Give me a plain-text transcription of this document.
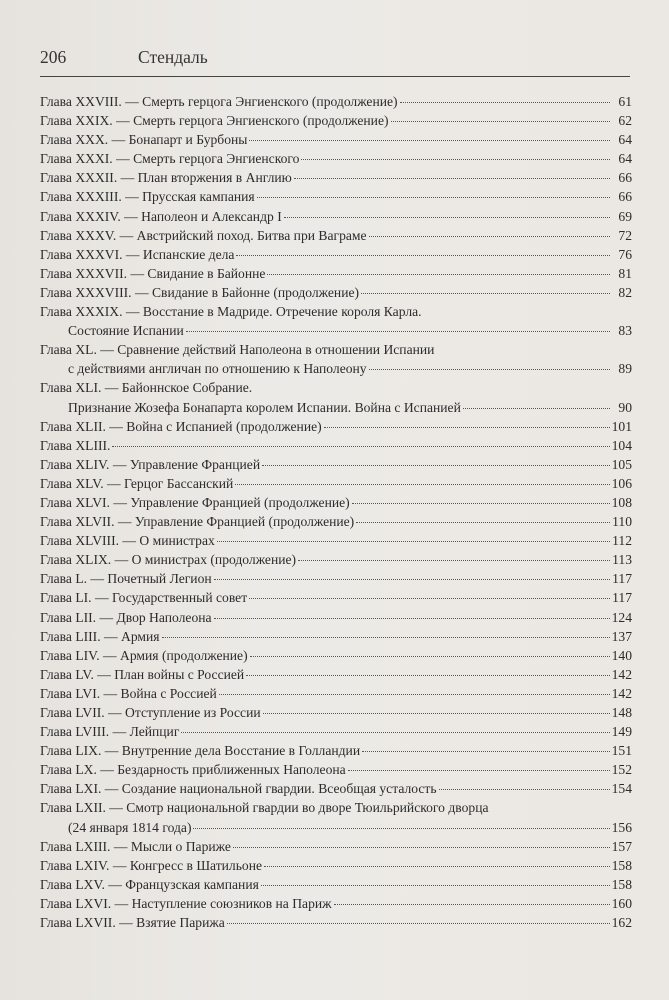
206	Стендаль
Глава XXVIII. — Смерть герцога Энгиенского (продолжение)	61
Глава XXIX. — Смерть герцога Энгиенского (продолжение)	62
Глава XXX. — Бонапарт и Бурбоны	64
Глава XXXI. — Смерть герцога Энгиенского	64
Глава XXXII. — План вторжения в Англию	66
Глава XXXIII. — Прусская кампания	66
Глава XXXIV. — Наполеон и Александр I	69
Глава XXXV. — Австрийский поход. Битва при Ваграме	72
Глава XXXVI. — Испанские дела	76
Глава XXXVII. — Свидание в Байонне	81
Глава XXXVIII. — Свидание в Байонне (продолжение)	82
Глава XXXIX. — Восстание в Мадриде. Отречение короля Карла.
Состояние Испании	83
Глава XL. — Сравнение действий Наполеона в отношении Испании
с действиями англичан по отношению к Наполеону	89
Глава XLI. — Байоннское Собрание.
Признание Жозефа Бонапарта королем Испании. Война с Испанией	90
Глава XLII. — Война с Испанией (продолжение)	101
Глава XLIII.	104
Глава XLIV. — Управление Францией	105
Глава XLV. — Герцог Бассанский	106
Глава XLVI. — Управление Францией (продолжение)	108
Глава XLVII. — Управление Францией (продолжение)	110
Глава XLVIII. — О министрах	112
Глава XLIX. — О министрах (продолжение)	113
Глава L. — Почетный Легион	117
Глава LI. — Государственный совет	117
Глава LII. — Двор Наполеона	124
Глава LIII. — Армия	137
Глава LIV. — Армия (продолжение)	140
Глава LV. — План войны с Россией	142
Глава LVI. — Война с Россией	142
Глава LVII. — Отступление из России	148
Глава LVIII. — Лейпциг	149
Глава LIX. — Внутренние дела Восстание в Голландии	151
Глава LX. — Бездарность приближенных Наполеона	152
Глава LXI. — Создание национальной гвардии. Всеобщая усталость	154
Глава LXII. — Смотр национальной гвардии во дворе Тюильрийского дворца
(24 января 1814 года)	156
Глава LXIII. — Мысли о Париже	157
Глава LXIV. — Конгресс в Шатильоне	158
Глава LXV. — Французская кампания	158
Глава LXVI. — Наступление союзников на Париж	160
Глава LXVII. — Взятие Парижа	162
